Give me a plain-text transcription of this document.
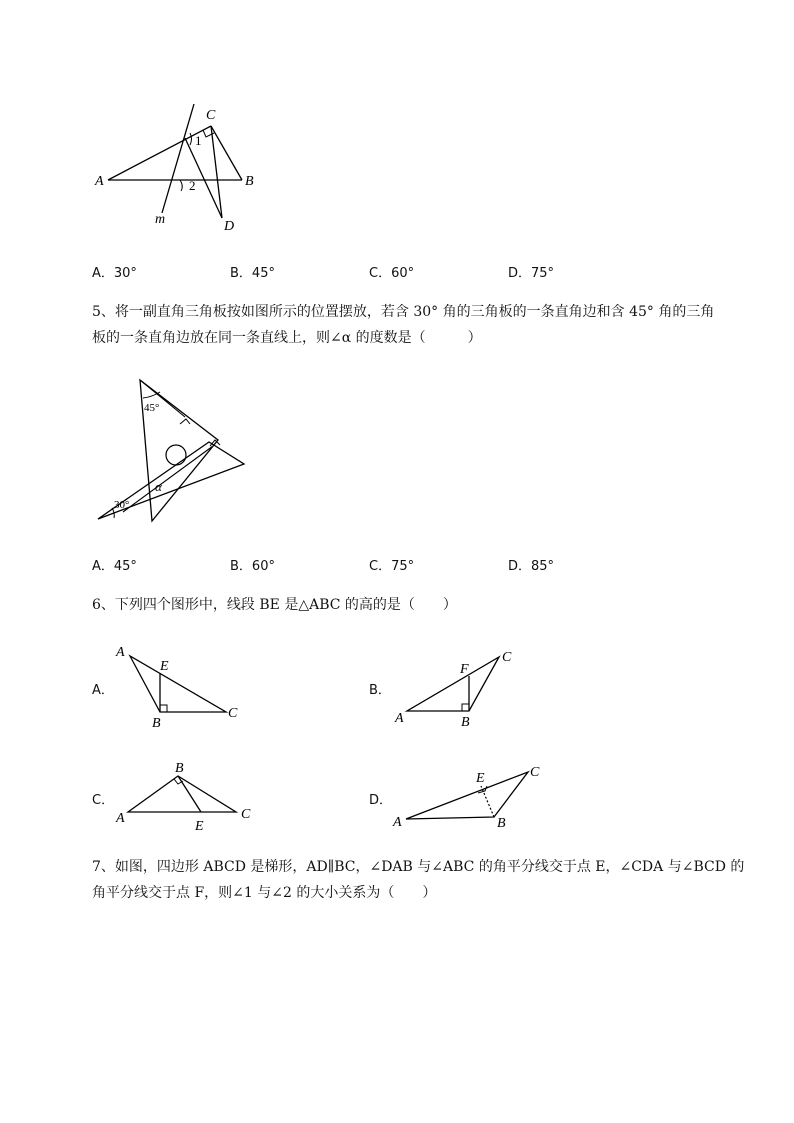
C
1
A	B
2
m	D
A．30°	B．45°	C．60°	D．75°
5、将一副直角三角板按如图所示的位置摆放，若含 30° 角的三角板的一条直角边和含 45° 角的三角
板的一条直角边放在同一条直线上，则∠α 的度数是（　　　）
45°
30°
α
A．45°	B．60°	C．75°	D．85°
6、下列四个图形中，线段 BE 是△ABC 的高的是（　　）
A．
A
E
B
C
B．
A
F
B
C
C．
B
A
E
C
D．
A
E
B
C
7、如图，四边形 ABCD 是梯形，AD∥BC，∠DAB 与∠ABC 的角平分线交于点 E，∠CDA 与∠BCD 的
角平分线交于点 F，则∠1 与∠2 的大小关系为（　　）
